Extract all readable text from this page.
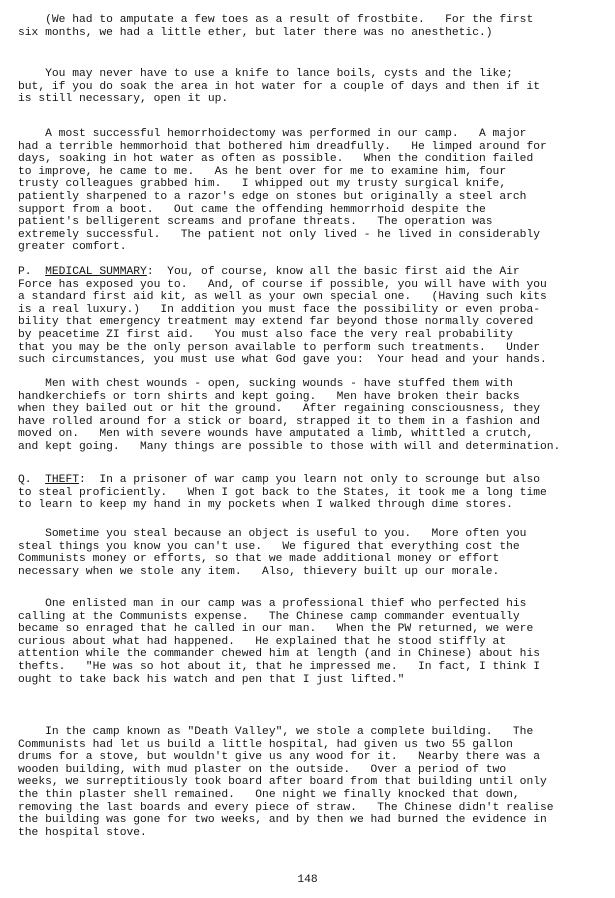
(We had to amputate a few toes as a result of frostbite.   For the first
six months, we had a little ether, but later there was no anesthetic.)
You may never have to use a knife to lance boils, cysts and the like;
but, if you do soak the area in hot water for a couple of days and then if it
is still necessary, open it up.
A most successful hemorrhoidectomy was performed in our camp.   A major
had a terrible hemmorhoid that bothered him dreadfully.   He limped around for
days, soaking in hot water as often as possible.   When the condition failed
to improve, he came to me.   As he bent over for me to examine him, four
trusty colleagues grabbed him.   I whipped out my trusty surgical knife,
patiently sharpened to a razor's edge on stones but originally a steel arch
support from a boot.   Out came the offending hemmorrhoid despite the
patient's belligerent screams and profane threats.   The operation was
extremely successful.   The patient not only lived - he lived in considerably
greater comfort.
P. MEDICAL SUMMARY:  You, of course, know all the basic first aid the Air
Force has exposed you to.   And, of course if possible, you will have with you
a standard first aid kit, as well as your own special one.   (Having such kits
is a real luxury.)   In addition you must face the possibility or even proba-
bility that emergency treatment may extend far beyond those normally covered
by peacetime ZI first aid.   You must also face the very real probability
that you may be the only person available to perform such treatments.   Under
such circumstances, you must use what God gave you:  Your head and your hands.
Men with chest wounds - open, sucking wounds - have stuffed them with
handkerchiefs or torn shirts and kept going.   Men have broken their backs
when they bailed out or hit the ground.   After regaining consciousness, they
have rolled around for a stick or board, strapped it to them in a fashion and
moved on.   Men with severe wounds have amputated a limb, whittled a crutch,
and kept going.   Many things are possible to those with will and determination.
Q. THEFT:  In a prisoner of war camp you learn not only to scrounge but also
to steal proficiently.   When I got back to the States, it took me a long time
to learn to keep my hand in my pockets when I walked through dime stores.
Sometime you steal because an object is useful to you.   More often you
steal things you know you can't use.   We figured that everything cost the
Communists money or efforts, so that we made additional money or effort
necessary when we stole any item.   Also, thievery built up our morale.
One enlisted man in our camp was a professional thief who perfected his
calling at the Communists expense.   The Chinese camp commander eventually
became so enraged that he called in our man.   When the PW returned, we were
curious about what had happened.   He explained that he stood stiffly at
attention while the commander chewed him at length (and in Chinese) about his
thefts.   "He was so hot about it, that he impressed me.   In fact, I think I
ought to take back his watch and pen that I just lifted."
In the camp known as "Death Valley", we stole a complete building.   The
Communists had let us build a little hospital, had given us two 55 gallon
drums for a stove, but wouldn't give us any wood for it.   Nearby there was a
wooden building, with mud plaster on the outside.   Over a period of two
weeks, we surreptitiously took board after board from that building until only
the thin plaster shell remained.   One night we finally knocked that down,
removing the last boards and every piece of straw.   The Chinese didn't realise
the building was gone for two weeks, and by then we had burned the evidence in
the hospital stove.
148
